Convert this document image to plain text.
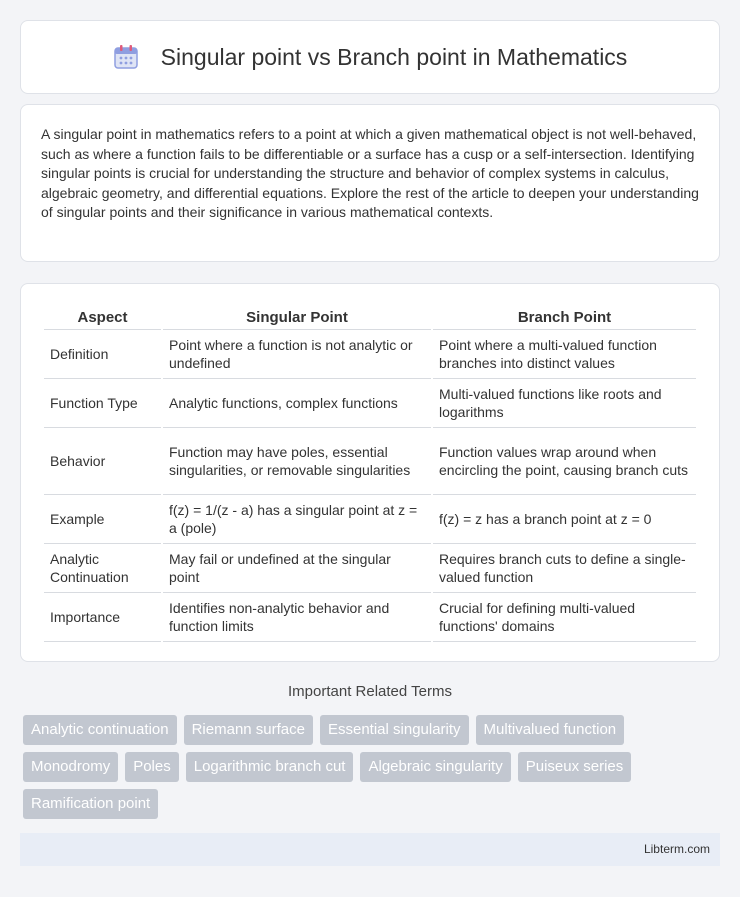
Singular point vs Branch point in Mathematics

A singular point in mathematics refers to a point at which a given mathematical object is not well-behaved, such as where a function fails to be differentiable or a surface has a cusp or a self-intersection. Identifying singular points is crucial for understanding the structure and behavior of complex systems in calculus, algebraic geometry, and differential equations. Explore the rest of the article to deepen your understanding of singular points and their significance in various mathematical contexts.

Aspect	Singular Point	Branch Point
Definition	Point where a function is not analytic or undefined	Point where a multi-valued function branches into distinct values
Function Type	Analytic functions, complex functions	Multi-valued functions like roots and logarithms
Behavior	Function may have poles, essential singularities, or removable singularities	Function values wrap around when encircling the point, causing branch cuts
Example	f(z) = 1/(z - a) has a singular point at z = a (pole)	f(z) = z has a branch point at z = 0
Analytic Continuation	May fail or undefined at the singular point	Requires branch cuts to define a single-valued function
Importance	Identifies non-analytic behavior and function limits	Crucial for defining multi-valued functions' domains
Important Related Terms
Analytic continuation	Riemann surface	Essential singularity	Multivalued function
Monodromy	Poles	Logarithmic branch cut	Algebraic singularity	Puiseux series
Ramification point
Libterm.com
